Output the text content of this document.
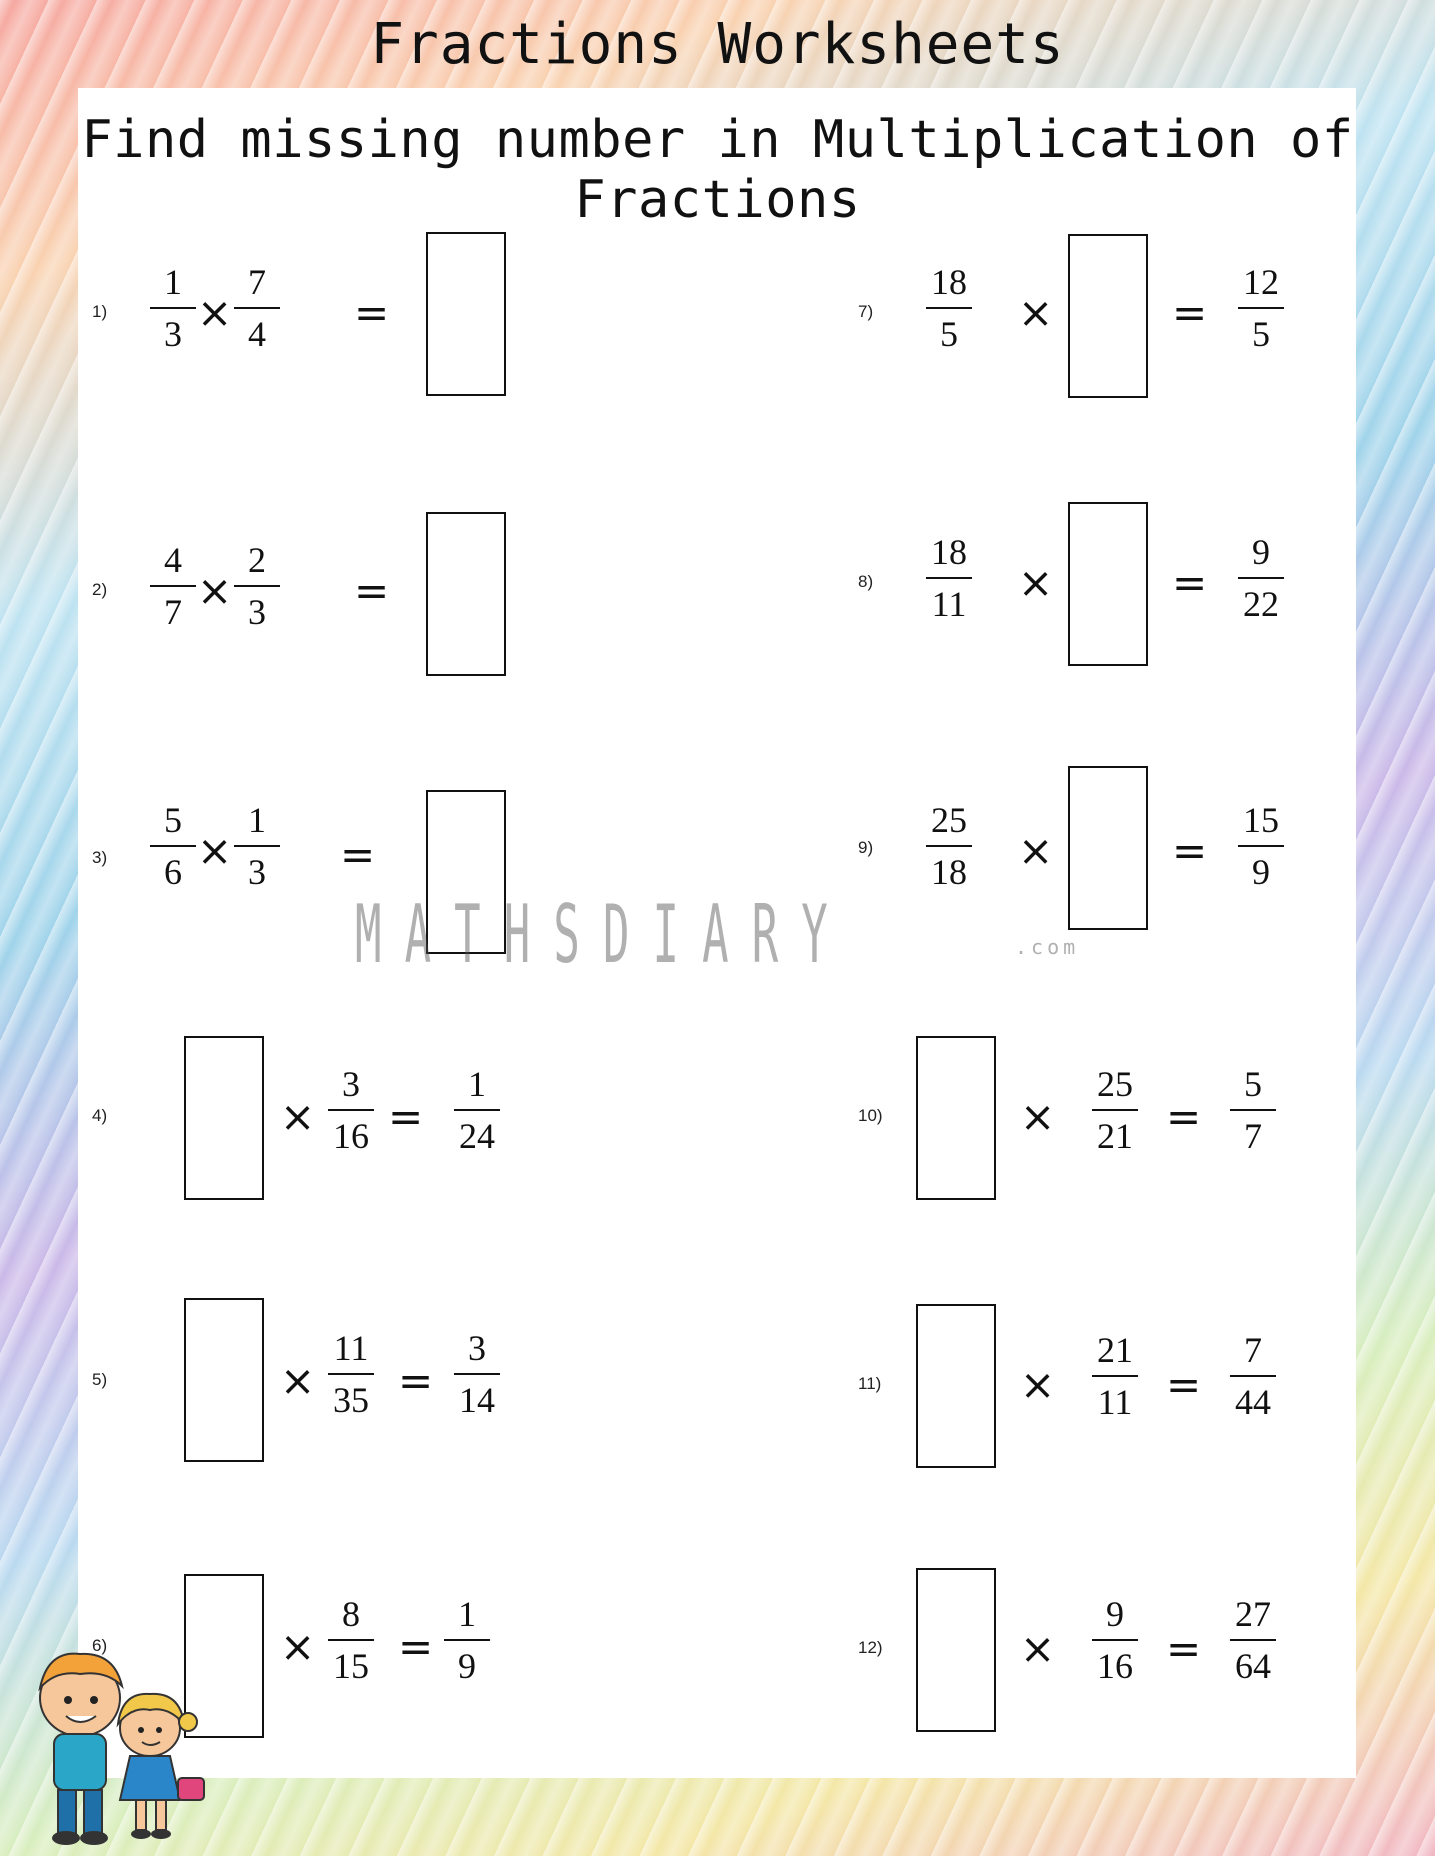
Fractions Worksheets
Find missing number in Multiplication of Fractions
1)
1
3 ×
7
4	=
2)
4
7 ×
2
3	=
3)
5
6 ×
1
3	=
4)	×
3
16 =
1
24
5)	×
11
35 =
3
14
6)	×
8
15 =
1
9
7)
18
5	×	=
12
5
8)
18
11	×	=
9
22
9)
25
18	×	=
15
9
10)	×
25
21 =
5
7
11)	×
21
11 =
7
44
12)	×
9
16 =
27
64
MATHSDIARY	.com
